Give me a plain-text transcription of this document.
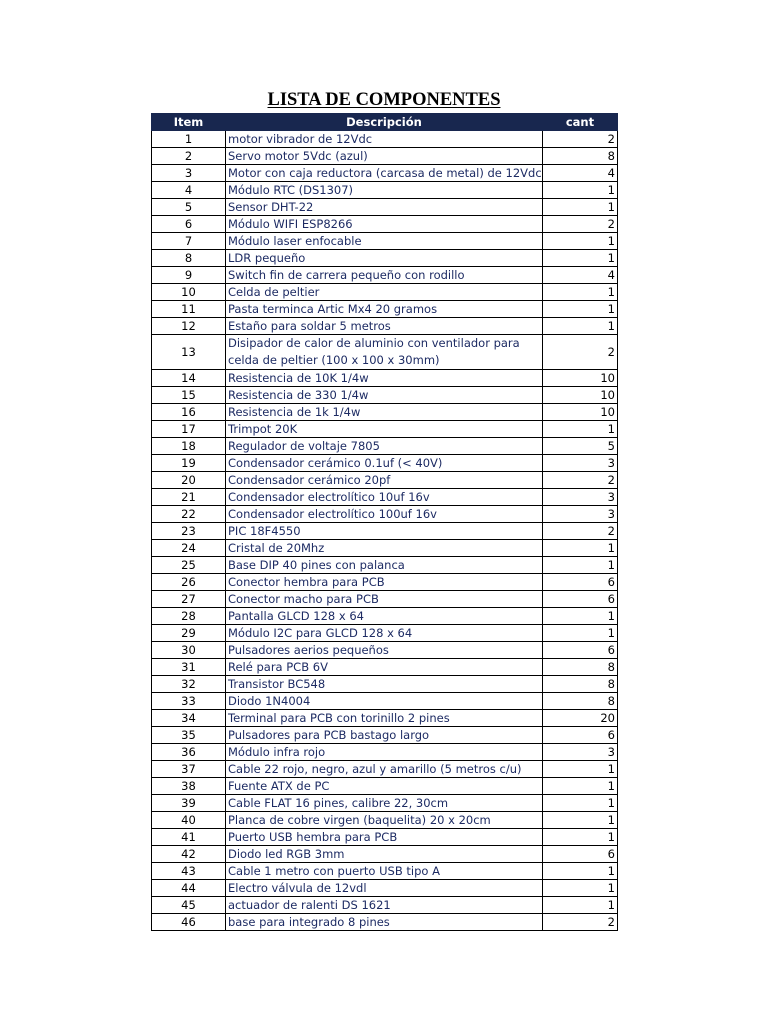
LISTA DE COMPONENTES
Item	Descripción	cant
1	motor vibrador de 12Vdc	2
2	Servo motor 5Vdc (azul)	8
3	Motor con caja reductora (carcasa de metal) de 12Vdc	4
4	Módulo RTC (DS1307)	1
5	Sensor DHT-22	1
6	Módulo WIFI ESP8266	2
7	Módulo laser enfocable	1
8	LDR pequeño	1
9	Switch fin de carrera pequeño con rodillo	4
10	Celda de peltier	1
11	Pasta terminca Artic Mx4 20 gramos	1
12	Estaño para soldar 5 metros	1
13	Disipador de calor de aluminio con ventilador para celda de peltier (100 x 100 x 30mm)	2
14	Resistencia de 10K 1/4w	10
15	Resistencia de 330 1/4w	10
16	Resistencia de 1k 1/4w	10
17	Trimpot 20K	1
18	Regulador de voltaje 7805	5
19	Condensador cerámico 0.1uf (< 40V)	3
20	Condensador cerámico 20pf	2
21	Condensador electrolítico 10uf 16v	3
22	Condensador electrolítico 100uf 16v	3
23	PIC 18F4550	2
24	Cristal de 20Mhz	1
25	Base DIP 40 pines con palanca	1
26	Conector hembra para PCB	6
27	Conector macho para PCB	6
28	Pantalla GLCD 128 x 64	1
29	Módulo I2C para GLCD 128 x 64	1
30	Pulsadores aerios pequeños	6
31	Relé para PCB 6V	8
32	Transistor BC548	8
33	Diodo 1N4004	8
34	Terminal para PCB con torinillo 2 pines	20
35	Pulsadores para PCB bastago largo	6
36	Módulo infra rojo	3
37	Cable 22 rojo, negro, azul y amarillo (5 metros c/u)	1
38	Fuente ATX de PC	1
39	Cable FLAT 16 pines, calibre 22, 30cm	1
40	Planca de cobre virgen (baquelita) 20 x 20cm	1
41	Puerto USB hembra para PCB	1
42	Diodo led RGB 3mm	6
43	Cable 1 metro con puerto USB tipo A	1
44	Electro válvula de 12vdl	1
45	actuador de ralenti DS 1621	1
46	base para integrado 8 pines	2
